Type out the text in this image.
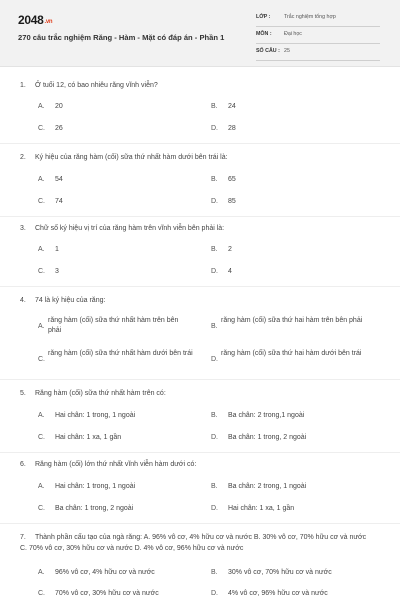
2048.vn
270 câu trắc nghiệm Răng - Hàm - Mặt có đáp án - Phần 1
LỚP :	Trắc nghiệm tổng hợp
MÔN :	Đại học
SỐ CÂU : 25
1. Ở tuổi 12, có bao nhiêu răng vĩnh viễn?
A.	20	B.	24
C.	26	D.	28
2. Ký hiệu của răng hàm (cối) sữa thứ nhất hàm dưới bên trái là:
A.	54	B.	65
C.	74	D.	85
3. Chữ số ký hiệu vị trí của răng hàm trên vĩnh viễn bên phải là:
A.	1	B.	2
C.	3	D.	4
4. 74 là ký hiệu của răng:
A.
răng hàm (cối) sữa thứ nhất hàm trên bên phải
B.
răng hàm (cối) sữa thứ hai hàm trên bên phải
C.
răng hàm (cối) sữa thứ nhất hàm dưới bên trái
D.
răng hàm (cối) sữa thứ hai hàm dưới bên trái
5. Răng hàm (cối) sữa thứ nhất hàm trên có:
A.	Hai chân: 1 trong, 1 ngoài	B.	Ba chân: 2 trong,1 ngoài
C.	Hai chân: 1 xa, 1 gần	D.	Ba chân: 1 trong, 2 ngoài
6. Răng hàm (cối) lớn thứ nhất vĩnh viễn hàm dưới có:
A.	Hai chân: 1 trong, 1 ngoài	B.	Ba chân: 2 trong, 1 ngoài
C.	Ba chân: 1 trong, 2 ngoài	D.	Hai chân: 1 xa, 1 gần
7. Thành phần cấu tạo của ngà răng: A. 96% vô cơ, 4% hữu cơ và nước B. 30% vô cơ, 70% hữu cơ và nước C. 70% vô cơ, 30% hữu cơ và nước D. 4% vô cơ, 96% hữu cơ và nước
A.	96% vô cơ, 4% hữu cơ và nước	B.	30% vô cơ, 70% hữu cơ và nước
C.	70% vô cơ, 30% hữu cơ và nước	D.	4% vô cơ, 96% hữu cơ và nước
